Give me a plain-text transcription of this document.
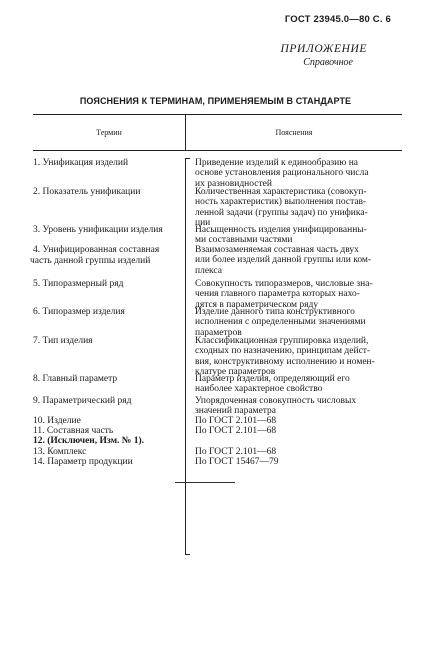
ГОСТ 23945.0—80 С. 6
ПРИЛОЖЕНИЕ
Справочное
ПОЯСНЕНИЯ К ТЕРМИНАМ, ПРИМЕНЯЕМЫМ В СТАНДАРТЕ
Термин	Пояснения
1. Унификация изделий
2. Показатель унификации
3. Уровень унификации изделия
4. Унифицированная составная
часть данной группы изделий
5. Типоразмерный ряд
6. Типоразмер изделия
7. Тип изделия
8. Главный параметр
9. Параметрический ряд
10. Изделие
11. Составная часть
12. (Исключен, Изм. № 1).
13. Комплекс
14. Параметр продукции
Приведение изделий к единообразию на
основе установления рационального числа
их разновидностей
Количественная характеристика (совокуп-
ность характеристик) выполнения постав-
ленной задачи (группы задач) по унифика-
ции
Насыщенность изделия унифицированны-
ми составными частями
Взаимозаменяемая составная часть двух
или более изделий данной группы или ком-
плекса
Совокупность типоразмеров, числовые зна-
чения главного параметра которых нахо-
дятся в параметрическом ряду
Изделие данного типа конструктивного
исполнения с определенными значениями
параметров
Классификационная группировка изделий,
сходных по назначению, принципам дейст-
вия, конструктивному исполнению и номен-
клатуре параметров
Параметр изделия, определяющий его
наиболее характерное свойство
Упорядоченная совокупность числовых
значений параметра
По ГОСТ 2.101—68
По ГОСТ 2.101—68
По ГОСТ 2.101—68
По ГОСТ 15467—79
